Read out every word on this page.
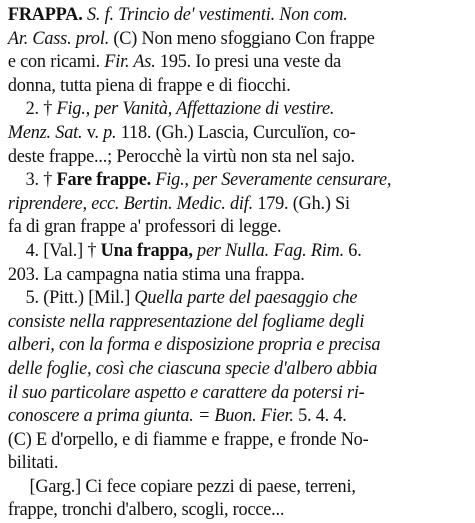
FRAPPA. S. f. Trincio de' vestimenti. Non com.
Ar. Cass. prol. (C) Non meno sfoggiano Con frappe
e con ricami. Fir. As. 195. Io presi una veste da
donna, tutta piena di frappe e di fiocchi.
2. † Fig., per Vanità, Affettazione di vestire.
Menz. Sat. v. p. 118. (Gh.) Lascia, Curculïon, co-
deste frappe...; Perocchè la virtù non sta nel sajo.
3. † Fare frappe. Fig., per Severamente censurare,
riprendere, ecc. Bertin. Medic. dif. 179. (Gh.) Si
fa di gran frappe a' professori di legge.
4. [Val.] † Una frappa, per Nulla. Fag. Rim. 6.
203. La campagna natia stima una frappa.
5. (Pitt.) [Mil.] Quella parte del paesaggio che
consiste nella rappresentazione del fogliame degli
alberi, con la forma e disposizione propria e precisa
delle foglie, così che ciascuna specie d'albero abbia
il suo particolare aspetto e carattere da potersi ri-
conoscere a prima giunta. = Buon. Fier. 5. 4. 4.
(C) E d'orpello, e di fiamme e frappe, e fronde No-
bilitati.
[Garg.] Ci fece copiare pezzi di paese, terreni,
frappe, tronchi d'albero, scogli, rocce...
